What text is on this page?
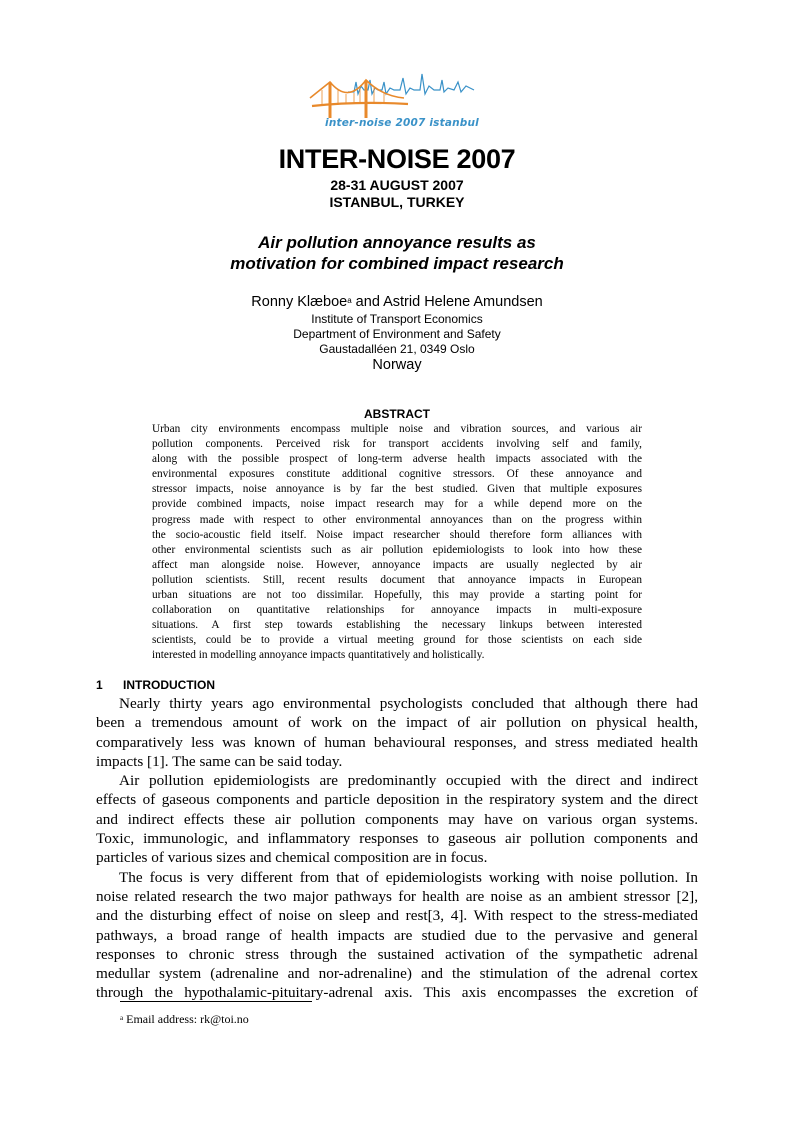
inter-noise 2007 istanbul
INTER-NOISE 2007
28-31 AUGUST 2007
ISTANBUL, TURKEY
Air pollution annoyance results as
motivation for combined impact research
Ronny Klæboe$^a$ and Astrid Helene Amundsen
Institute of Transport Economics
Department of Environment and Safety
Gaustadalléen 21, 0349 Oslo
Norway
ABSTRACT
Urban city environments encompass multiple noise and vibration sources, and various air
pollution components. Perceived risk for transport accidents involving self and family,
along with the possible prospect of long-term adverse health impacts associated with the
environmental exposures constitute additional cognitive stressors. Of these annoyance and
stressor impacts, noise annoyance is by far the best studied. Given that multiple exposures
provide combined impacts, noise impact research may for a while depend more on the
progress made with respect to other environmental annoyances than on the progress within
the socio-acoustic field itself. Noise impact researcher should therefore form alliances with
other environmental scientists such as air pollution epidemiologists to look into how these
affect man alongside noise. However, annoyance impacts are usually neglected by air
pollution scientists. Still, recent results document that annoyance impacts in European
urban situations are not too dissimilar. Hopefully, this may provide a starting point for
collaboration on quantitative relationships for annoyance impacts in multi-exposure
situations. A first step towards establishing the necessary linkups between interested
scientists, could be to provide a virtual meeting ground for those scientists on each side
interested in modelling annoyance impacts quantitatively and holistically.
1 INTRODUCTION
Nearly thirty years ago environmental psychologists concluded that although there had
been a tremendous amount of work on the impact of air pollution on physical health,
comparatively less was known of human behavioural responses, and stress mediated health
impacts [1]. The same can be said today.
Air pollution epidemiologists are predominantly occupied with the direct and indirect
effects of gaseous components and particle deposition in the respiratory system and the direct
and indirect effects these air pollution components may have on various organ systems.
Toxic, immunologic, and inflammatory responses to gaseous air pollution components and
particles of various sizes and chemical composition are in focus.
The focus is very different from that of epidemiologists working with noise pollution. In
noise related research the two major pathways for health are noise as an ambient stressor [2],
and the disturbing effect of noise on sleep and rest[3, 4]. With respect to the stress-mediated
pathways, a broad range of health impacts are studied due to the pervasive and general
responses to chronic stress through the sustained activation of the sympathetic adrenal
medullar system (adrenaline and nor-adrenaline) and the stimulation of the adrenal cortex
through the hypothalamic-pituitary-adrenal axis. This axis encompasses the excretion of
$^a$ Email address: rk@toi.no
